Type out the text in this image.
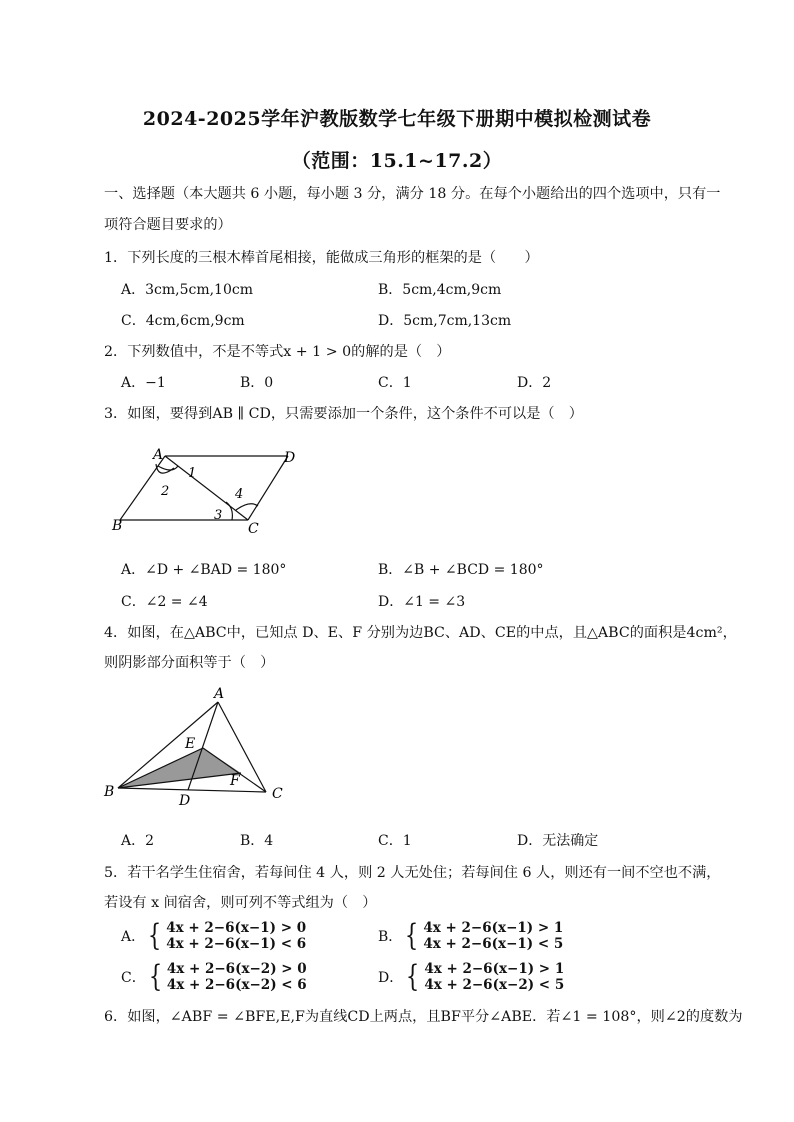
2024-2025学年沪教版数学七年级下册期中模拟检测试卷
（范围：15.1~17.2）
一、选择题（本大题共 6 小题，每小题 3 分，满分 18 分。在每个小题给出的四个选项中，只有一
项符合题目要求的）
1．下列长度的三根木棒首尾相接，能做成三角形的框架的是（　　）
A．3cm,5cm,10cm	B．5cm,4cm,9cm
C．4cm,6cm,9cm	D．5cm,7cm,13cm
2．下列数值中，不是不等式x + 1 > 0的解的是（　）
A．−1	B．0	C．1	D．2
3．如图，要得到AB ∥ CD，只需要添加一个条件，这个条件不可以是（　）
A	D
B	C
1
2
3
4
A．∠D + ∠BAD = 180°	B．∠B + ∠BCD = 180°
C．∠2 = ∠4	D．∠1 = ∠3
4．如图，在△ABC中，已知点 D、E、F 分别为边BC、AD、CE的中点，且△ABC的面积是4cm²，
则阴影部分面积等于（　）
A
B	C
D
E
F
A．2	B．4	C．1	D．无法确定
5．若干名学生住宿舍，若每间住 4 人，则 2 人无处住；若每间住 6 人，则还有一间不空也不满，
若设有 x 间宿舍，则可列不等式组为（　）
A． { 4x + 2−6(x−1) > 0
4x + 2−6(x−1) < 6	B． { 4x + 2−6(x−1) > 1
4x + 2−6(x−1) < 5
C． { 4x + 2−6(x−2) > 0
4x + 2−6(x−2) < 6	D． { 4x + 2−6(x−1) > 1
4x + 2−6(x−2) < 5
6．如图，∠ABF = ∠BFE,E,F为直线CD上两点，且BF平分∠ABE．若∠1 = 108°，则∠2的度数为
